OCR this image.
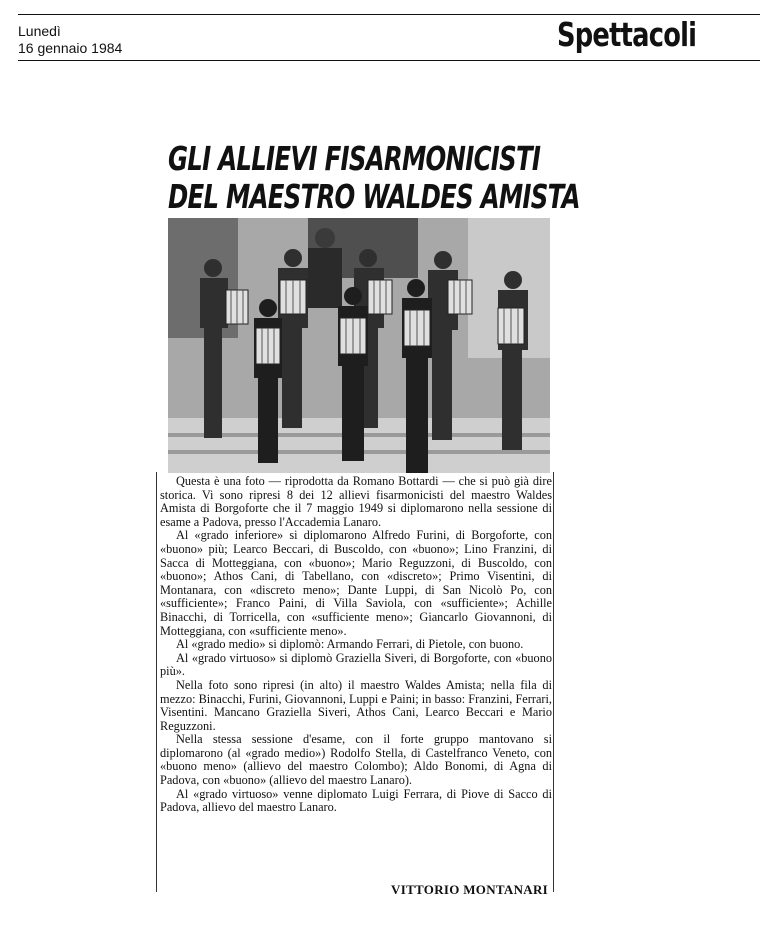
Lunedì
16 gennaio 1984	Spettacoli
GLI ALLIEVI FISARMONICISTI
DEL MAESTRO WALDES AMISTA

Questa è una foto — riprodotta da Romano Bottardi — che si può già dire storica. Vi sono ripresi 8 dei 12 allievi fisarmonicisti del maestro Waldes Amista di Borgoforte che il 7 maggio 1949 si diplomarono nella sessione di esame a Padova, presso l'Accademia Lanaro.

Al «grado inferiore» si diplomarono Alfredo Furini, di Borgoforte, con «buono» più; Learco Beccari, di Buscoldo, con «buono»; Lino Franzini, di Sacca di Motteggiana, con «buono»; Mario Reguzzoni, di Buscoldo, con «buono»; Athos Cani, di Tabellano, con «discreto»; Primo Visentini, di Montanara, con «discreto meno»; Dante Luppi, di San Nicolò Po, con «sufficiente»; Franco Paini, di Villa Saviola, con «sufficiente»; Achille Binacchi, di Torricella, con «sufficiente meno»; Giancarlo Giovannoni, di Motteggiana, con «sufficiente meno».

Al «grado medio» si diplomò: Armando Ferrari, di Pietole, con buono.

Al «grado virtuoso» si diplomò Graziella Siveri, di Borgoforte, con «buono più».

Nella foto sono ripresi (in alto) il maestro Waldes Amista; nella fila di mezzo: Binacchi, Furini, Giovannoni, Luppi e Paini; in basso: Franzini, Ferrari, Visentini. Mancano Graziella Siveri, Athos Cani, Learco Beccari e Mario Reguzzoni.

Nella stessa sessione d'esame, con il forte gruppo mantovano si diplomarono (al «grado medio») Rodolfo Stella, di Castelfranco Veneto, con «buono meno» (allievo del maestro Colombo); Aldo Bonomi, di Agna di Padova, con «buono» (allievo del maestro Lanaro).

Al «grado virtuoso» venne diplomato Luigi Ferrara, di Piove di Sacco di Padova, allievo del maestro Lanaro.

VITTORIO MONTANARI
